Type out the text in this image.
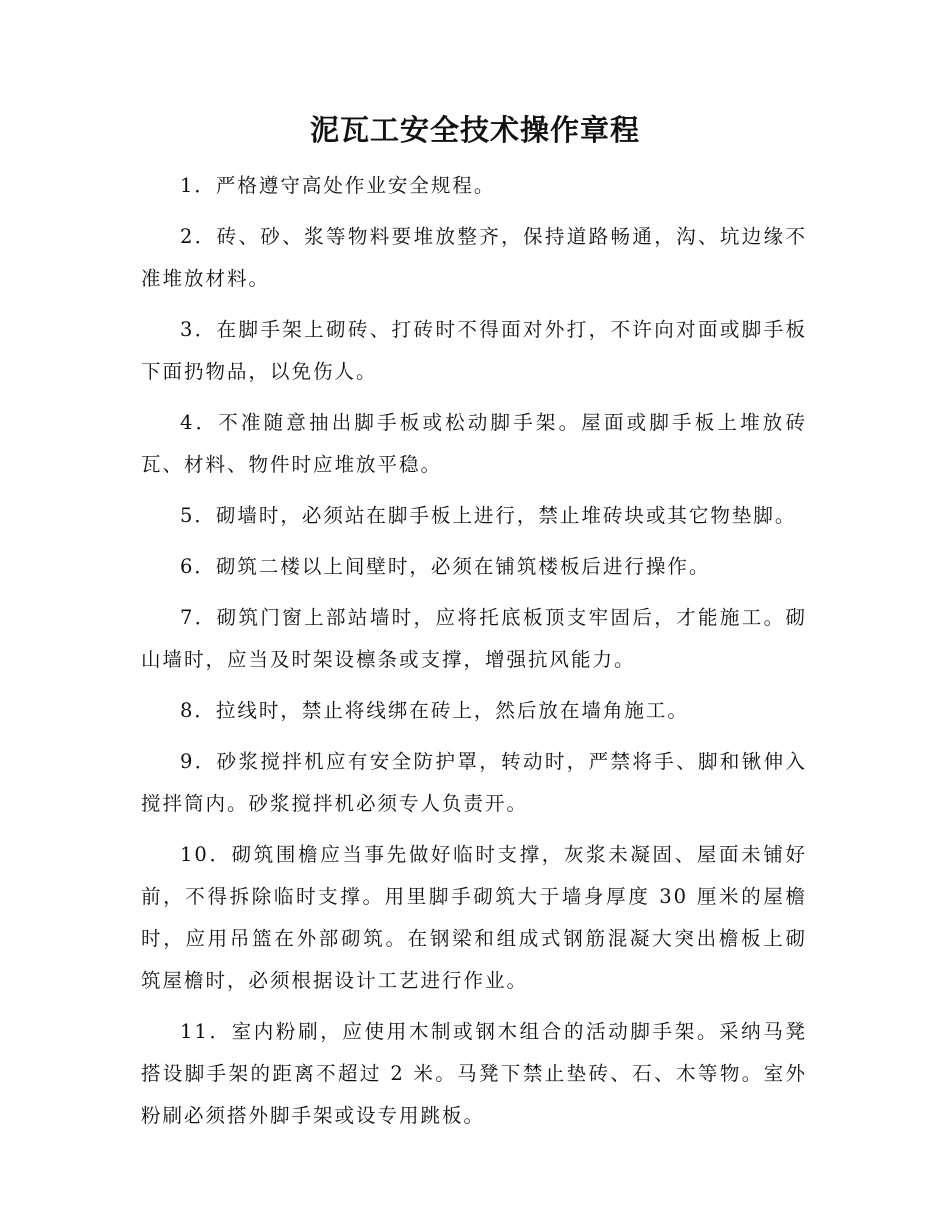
泥瓦工安全技术操作章程

1．严格遵守高处作业安全规程。

2．砖、砂、浆等物料要堆放整齐，保持道路畅通，沟、坑边缘不准堆放材料。

3．在脚手架上砌砖、打砖时不得面对外打，不许向对面或脚手板下面扔物品，以免伤人。

4．不准随意抽出脚手板或松动脚手架。屋面或脚手板上堆放砖瓦、材料、物件时应堆放平稳。

5．砌墙时，必须站在脚手板上进行，禁止堆砖块或其它物垫脚。

6．砌筑二楼以上间壁时，必须在铺筑楼板后进行操作。

7．砌筑门窗上部站墙时，应将托底板顶支牢固后，才能施工。砌山墙时，应当及时架设檩条或支撑，增强抗风能力。

8．拉线时，禁止将线绑在砖上，然后放在墙角施工。

9．砂浆搅拌机应有安全防护罩，转动时，严禁将手、脚和锹伸入搅拌筒内。砂浆搅拌机必须专人负责开。

10．砌筑围檐应当事先做好临时支撑，灰浆未凝固、屋面未铺好前，不得拆除临时支撑。用里脚手砌筑大于墙身厚度 30 厘米的屋檐时，应用吊篮在外部砌筑。在钢梁和组成式钢筋混凝大突出檐板上砌筑屋檐时，必须根据设计工艺进行作业。

11．室内粉刷，应使用木制或钢木组合的活动脚手架。采纳马凳搭设脚手架的距离不超过 2 米。马凳下禁止垫砖、石、木等物。室外粉刷必须搭外脚手架或设专用跳板。
